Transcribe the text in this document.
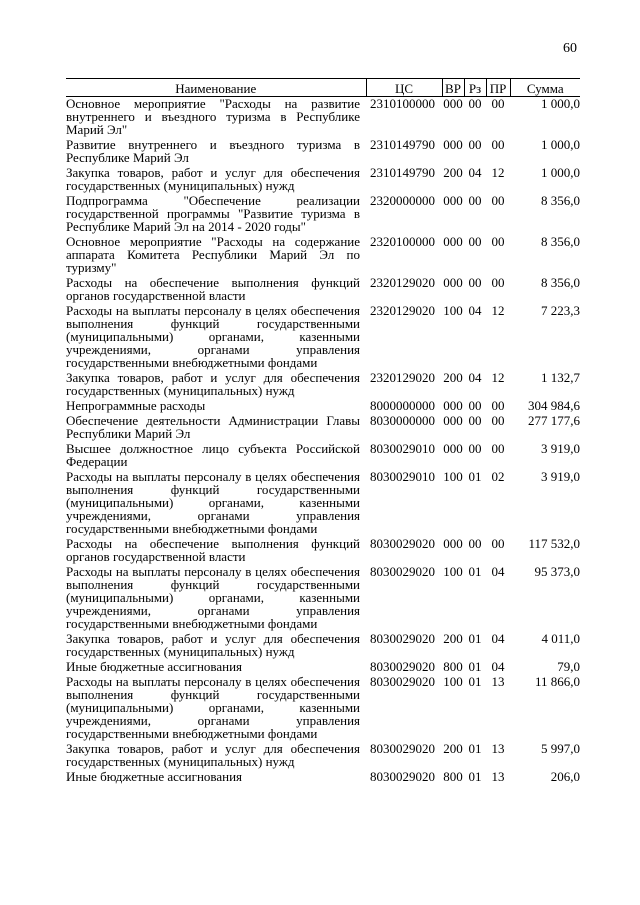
60
Наименование	ЦС	ВР	Рз	ПР	Сумма
Основное мероприятие "Расходы на развитие внутреннего и въездного туризма в Республике Марий Эл"	2310100000	000	00	00	1 000,0
Развитие внутреннего и въездного туризма в Республике Марий Эл	2310149790	000	00	00	1 000,0
Закупка товаров, работ и услуг для обеспечения государственных (муниципальных) нужд	2310149790	200	04	12	1 000,0
Подпрограмма "Обеспечение реализации государственной программы "Развитие туризма в Республике Марий Эл на 2014 - 2020 годы"	2320000000	000	00	00	8 356,0
Основное мероприятие "Расходы на содержание аппарата Комитета Республики Марий Эл по туризму"	2320100000	000	00	00	8 356,0
Расходы на обеспечение выполнения функций органов государственной власти	2320129020	000	00	00	8 356,0
Расходы на выплаты персоналу в целях обеспечения выполнения функций государственными (муниципальными) органами, казенными учреждениями, органами управления государственными внебюджетными фондами	2320129020	100	04	12	7 223,3
Закупка товаров, работ и услуг для обеспечения государственных (муниципальных) нужд	2320129020	200	04	12	1 132,7
Непрограммные расходы	8000000000	000	00	00	304 984,6
Обеспечение деятельности Администрации Главы Республики Марий Эл	8030000000	000	00	00	277 177,6
Высшее должностное лицо субъекта Российской Федерации	8030029010	000	00	00	3 919,0
Расходы на выплаты персоналу в целях обеспечения выполнения функций государственными (муниципальными) органами, казенными учреждениями, органами управления государственными внебюджетными фондами	8030029010	100	01	02	3 919,0
Расходы на обеспечение выполнения функций органов государственной власти	8030029020	000	00	00	117 532,0
Расходы на выплаты персоналу в целях обеспечения выполнения функций государственными (муниципальными) органами, казенными учреждениями, органами управления государственными внебюджетными фондами	8030029020	100	01	04	95 373,0
Закупка товаров, работ и услуг для обеспечения государственных (муниципальных) нужд	8030029020	200	01	04	4 011,0
Иные бюджетные ассигнования	8030029020	800	01	04	79,0
Расходы на выплаты персоналу в целях обеспечения выполнения функций государственными (муниципальными) органами, казенными учреждениями, органами управления государственными внебюджетными фондами	8030029020	100	01	13	11 866,0
Закупка товаров, работ и услуг для обеспечения государственных (муниципальных) нужд	8030029020	200	01	13	5 997,0
Иные бюджетные ассигнования	8030029020	800	01	13	206,0
